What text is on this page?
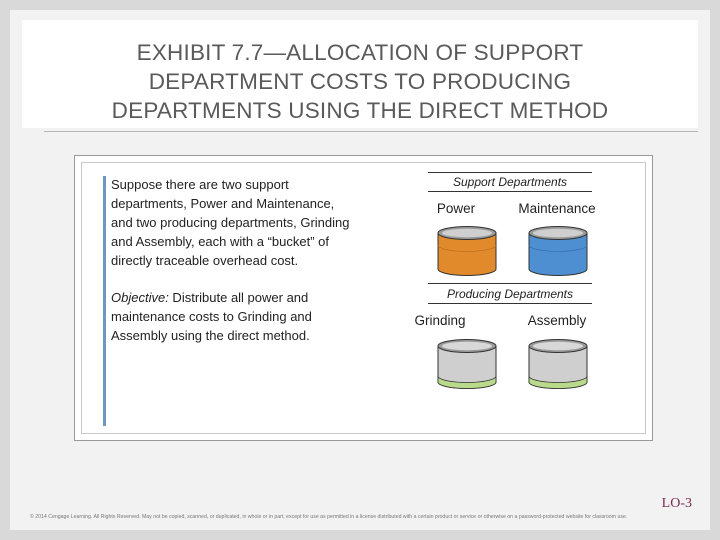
EXHIBIT 7.7—ALLOCATION OF SUPPORT
DEPARTMENT COSTS TO PRODUCING
DEPARTMENTS USING THE DIRECT METHOD

Suppose there are two support departments, Power and Maintenance, and two producing departments, Grinding and Assembly, each with a “bucket” of directly traceable overhead cost.

Objective: Distribute all power and maintenance costs to Grinding and Assembly using the direct method.

Support Departments
Power	Maintenance
Producing Departments
Grinding	Assembly
LO-3
© 2014 Cengage Learning. All Rights Reserved. May not be copied, scanned, or duplicated, in whole or in part, except for use as permitted in a license distributed with a certain product or service or otherwise on a password-protected website for classroom use.
